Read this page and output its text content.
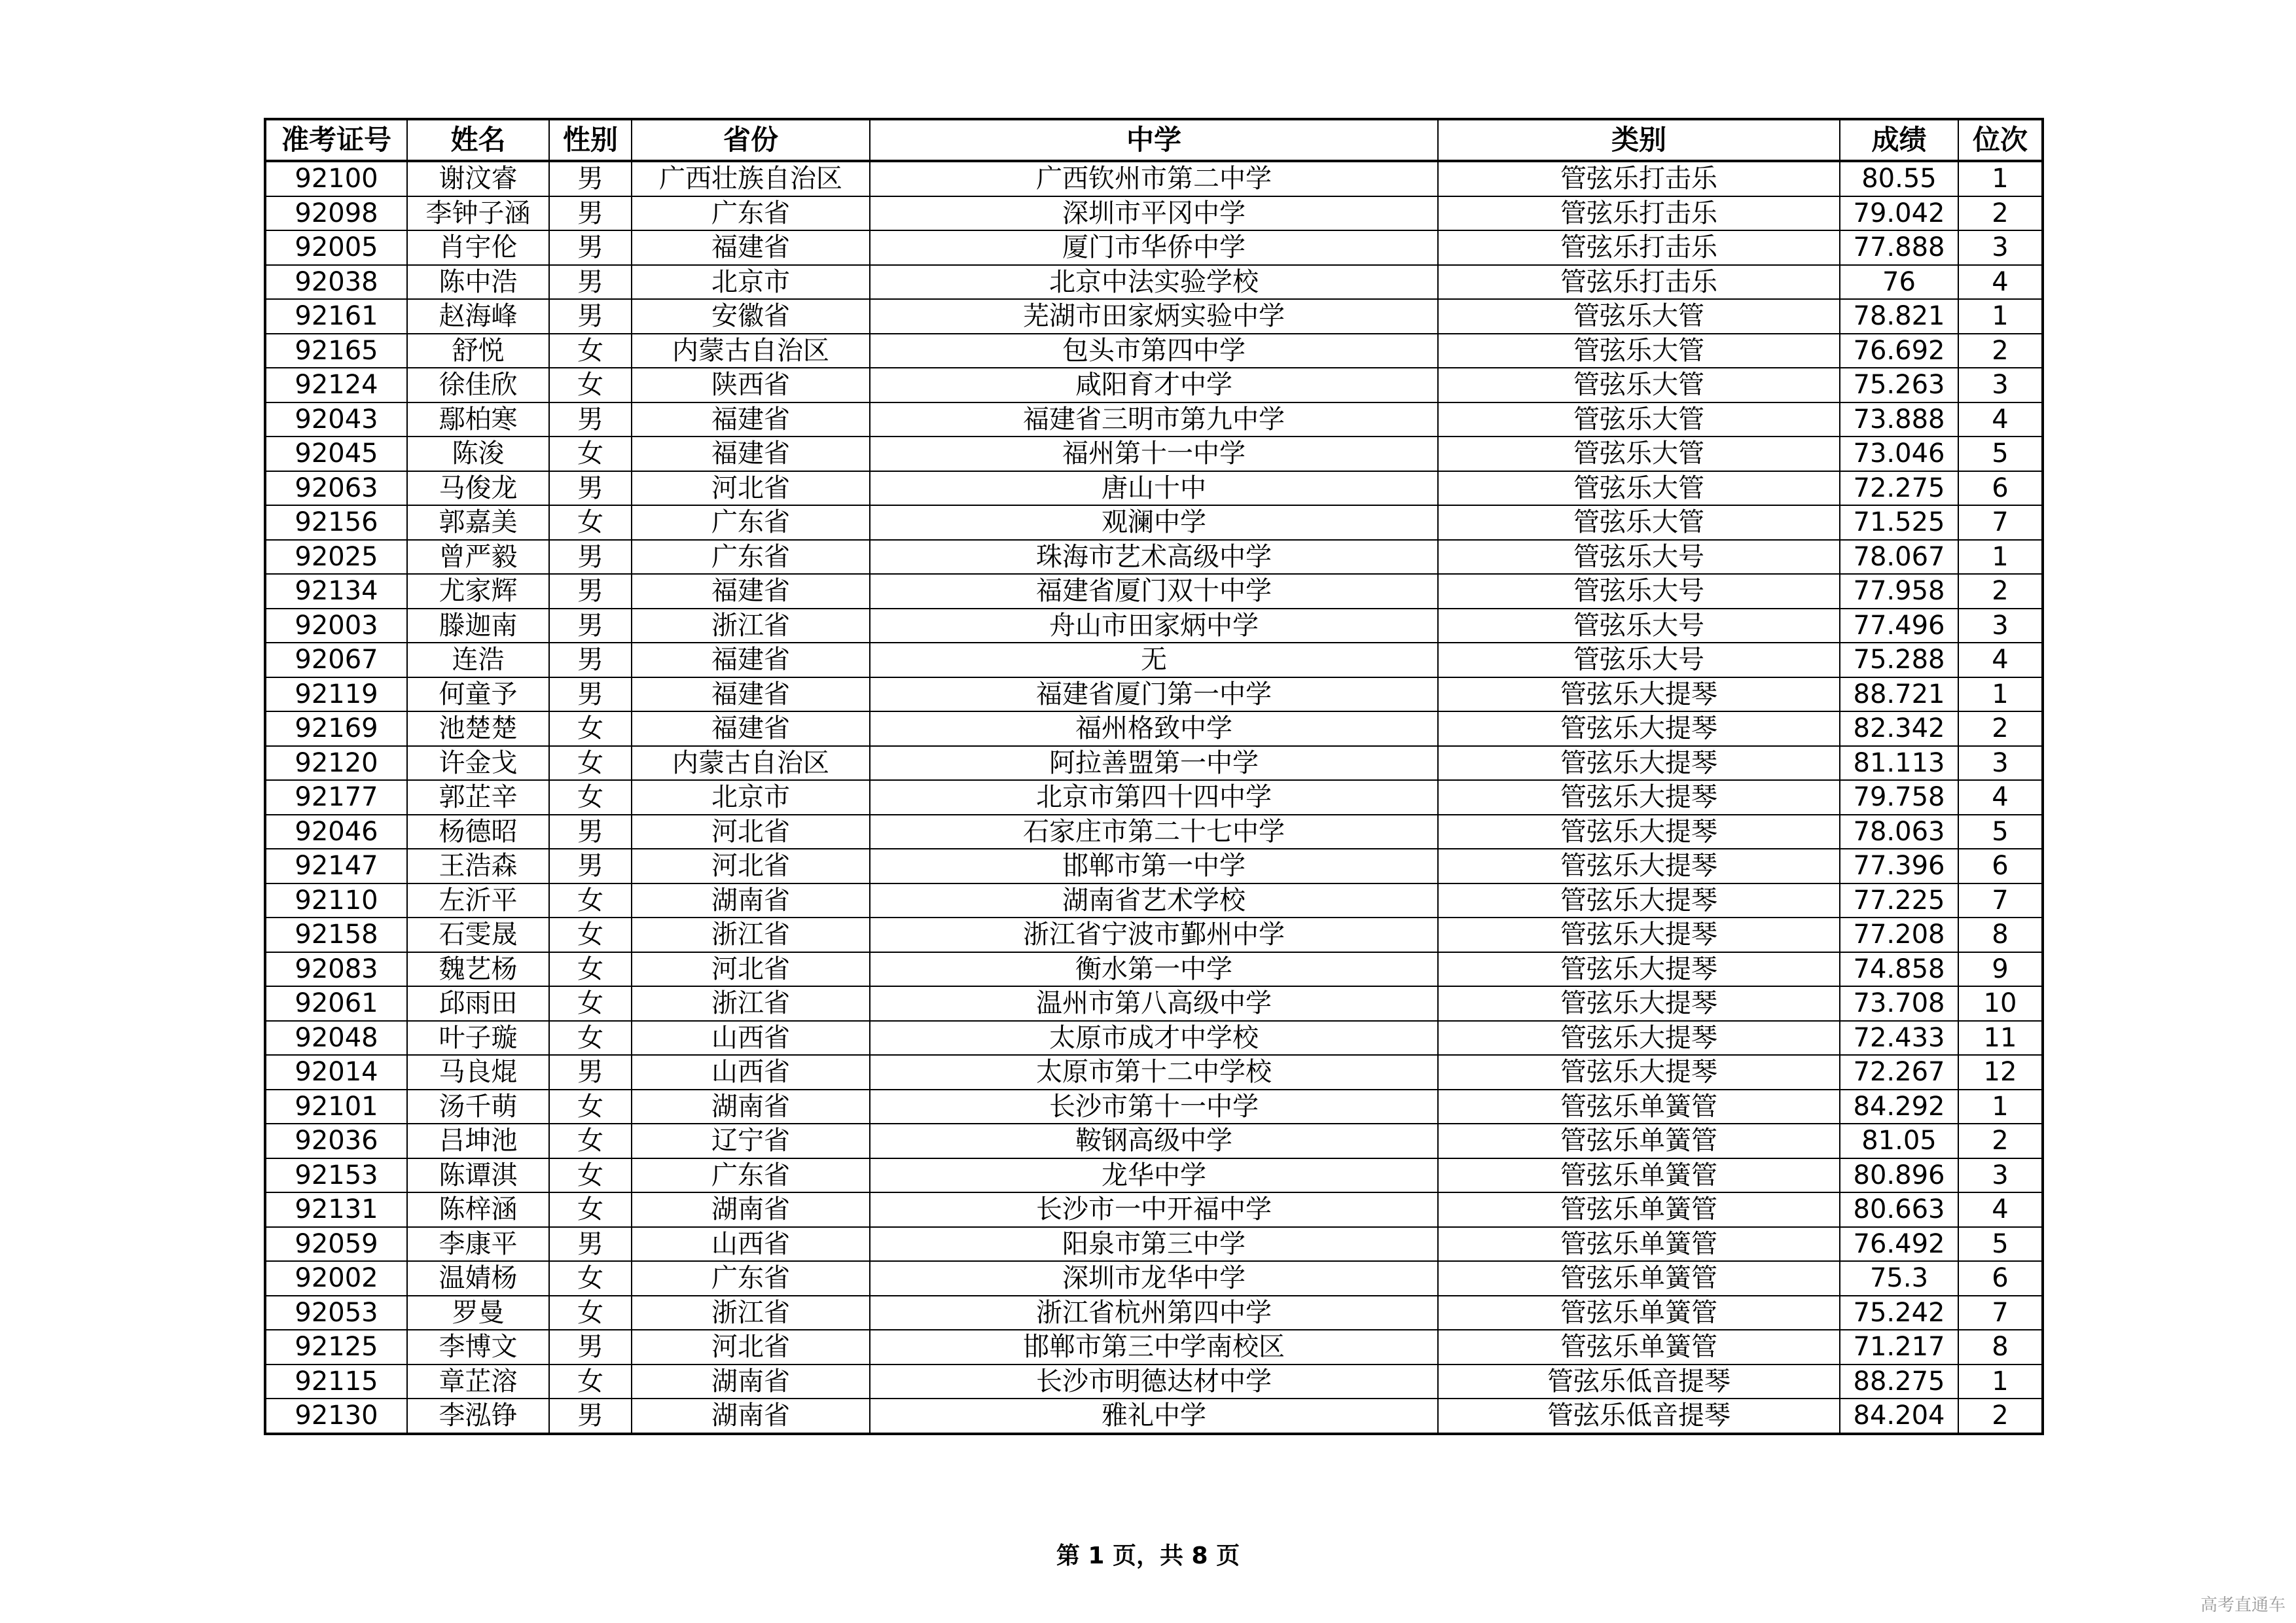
准考证号	姓名	性别	省份	中学	类别	成绩	位次
92100	谢汶睿	男	广西壮族自治区	广西钦州市第二中学	管弦乐打击乐	80.55	1
92098	李钟子涵	男	广东省	深圳市平冈中学	管弦乐打击乐	79.042	2
92005	肖宇伦	男	福建省	厦门市华侨中学	管弦乐打击乐	77.888	3
92038	陈中浩	男	北京市	北京中法实验学校	管弦乐打击乐	76	4
92161	赵海峰	男	安徽省	芜湖市田家炳实验中学	管弦乐大管	78.821	1
92165	舒悦	女	内蒙古自治区	包头市第四中学	管弦乐大管	76.692	2
92124	徐佳欣	女	陕西省	咸阳育才中学	管弦乐大管	75.263	3
92043	鄢柏寒	男	福建省	福建省三明市第九中学	管弦乐大管	73.888	4
92045	陈浚	女	福建省	福州第十一中学	管弦乐大管	73.046	5
92063	马俊龙	男	河北省	唐山十中	管弦乐大管	72.275	6
92156	郭嘉美	女	广东省	观澜中学	管弦乐大管	71.525	7
92025	曾严毅	男	广东省	珠海市艺术高级中学	管弦乐大号	78.067	1
92134	尤家辉	男	福建省	福建省厦门双十中学	管弦乐大号	77.958	2
92003	滕迦南	男	浙江省	舟山市田家炳中学	管弦乐大号	77.496	3
92067	连浩	男	福建省	无	管弦乐大号	75.288	4
92119	何童予	男	福建省	福建省厦门第一中学	管弦乐大提琴	88.721	1
92169	池楚楚	女	福建省	福州格致中学	管弦乐大提琴	82.342	2
92120	许金戈	女	内蒙古自治区	阿拉善盟第一中学	管弦乐大提琴	81.113	3
92177	郭芷辛	女	北京市	北京市第四十四中学	管弦乐大提琴	79.758	4
92046	杨德昭	男	河北省	石家庄市第二十七中学	管弦乐大提琴	78.063	5
92147	王浩森	男	河北省	邯郸市第一中学	管弦乐大提琴	77.396	6
92110	左沂平	女	湖南省	湖南省艺术学校	管弦乐大提琴	77.225	7
92158	石雯晟	女	浙江省	浙江省宁波市鄞州中学	管弦乐大提琴	77.208	8
92083	魏艺杨	女	河北省	衡水第一中学	管弦乐大提琴	74.858	9
92061	邱雨田	女	浙江省	温州市第八高级中学	管弦乐大提琴	73.708	10
92048	叶子璇	女	山西省	太原市成才中学校	管弦乐大提琴	72.433	11
92014	马良焜	男	山西省	太原市第十二中学校	管弦乐大提琴	72.267	12
92101	汤千萌	女	湖南省	长沙市第十一中学	管弦乐单簧管	84.292	1
92036	吕坤池	女	辽宁省	鞍钢高级中学	管弦乐单簧管	81.05	2
92153	陈谭淇	女	广东省	龙华中学	管弦乐单簧管	80.896	3
92131	陈梓涵	女	湖南省	长沙市一中开福中学	管弦乐单簧管	80.663	4
92059	李康平	男	山西省	阳泉市第三中学	管弦乐单簧管	76.492	5
92002	温婧杨	女	广东省	深圳市龙华中学	管弦乐单簧管	75.3	6
92053	罗曼	女	浙江省	浙江省杭州第四中学	管弦乐单簧管	75.242	7
92125	李博文	男	河北省	邯郸市第三中学南校区	管弦乐单簧管	71.217	8
92115	章芷溶	女	湖南省	长沙市明德达材中学	管弦乐低音提琴	88.275	1
92130	李泓铮	男	湖南省	雅礼中学	管弦乐低音提琴	84.204	2
第 1 页，共 8 页
高考直通车
